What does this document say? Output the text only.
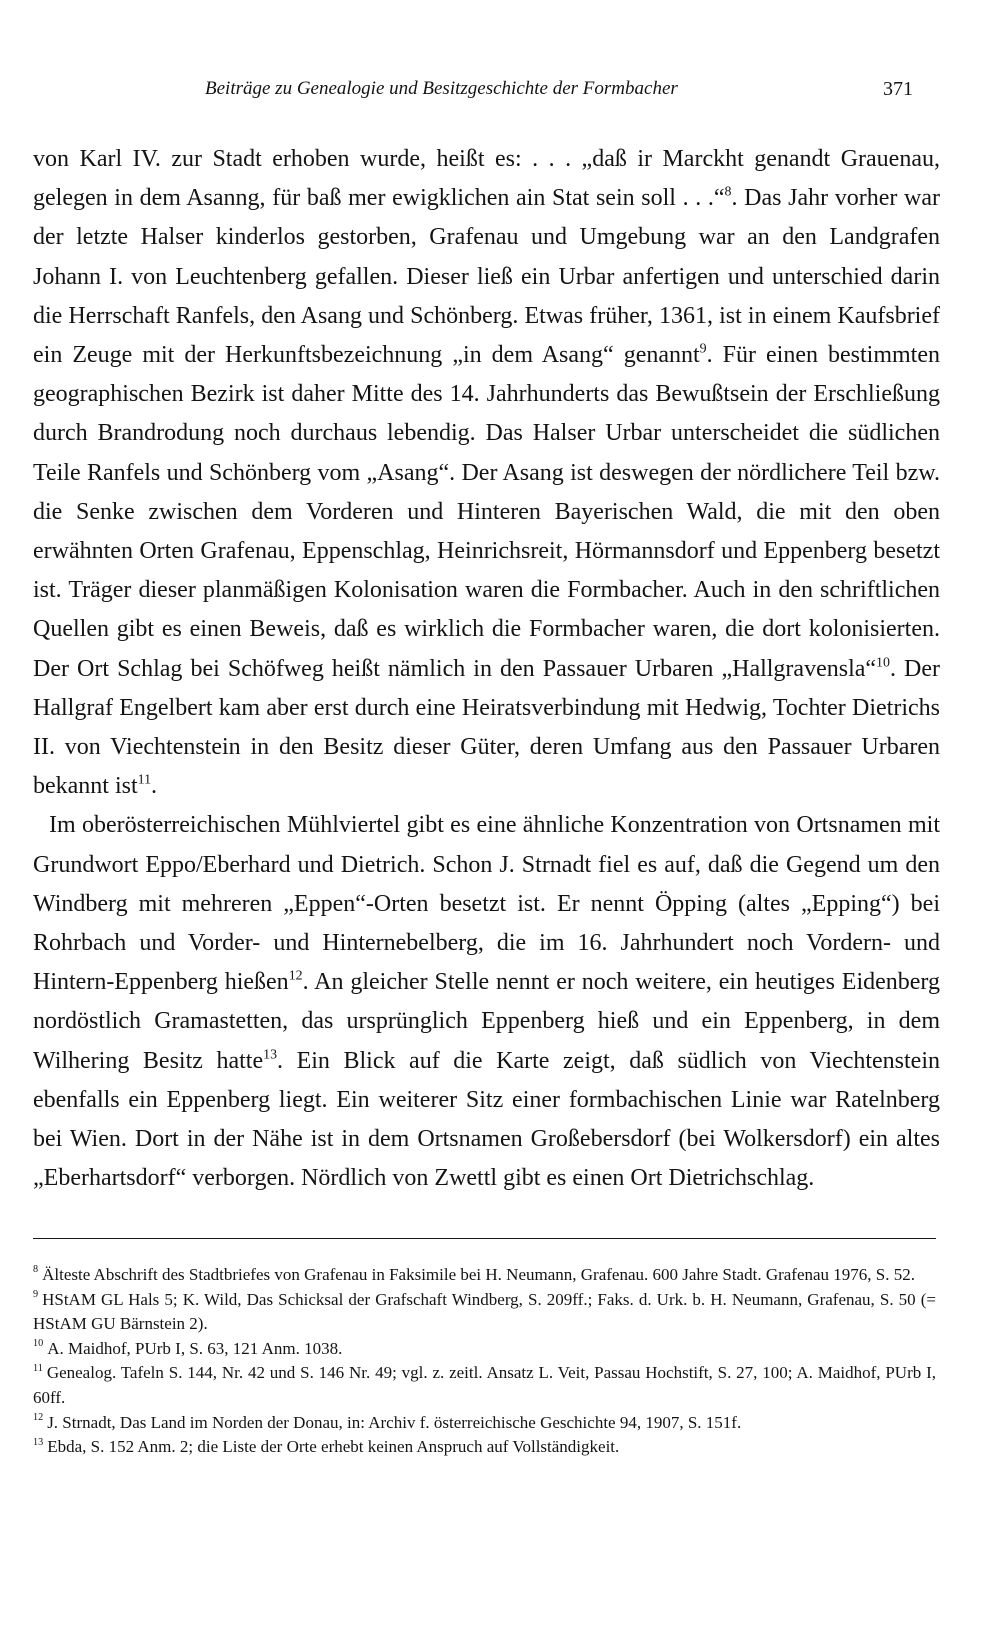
Beiträge zu Genealogie und Besitzgeschichte der Formbacher	371

von Karl IV. zur Stadt erhoben wurde, heißt es: . . . „daß ir Marckht genandt Grauenau, gelegen in dem Asanng, für baß mer ewigklichen ain Stat sein soll . . .“$^8$. Das Jahr vorher war der letzte Halser kinderlos gestorben, Grafenau und Umgebung war an den Landgrafen Johann I. von Leuchtenberg gefallen. Dieser ließ ein Urbar anfertigen und unterschied darin die Herrschaft Ranfels, den Asang und Schönberg. Etwas früher, 1361, ist in einem Kaufsbrief ein Zeuge mit der Herkunftsbezeichnung „in dem Asang“ genannt$^9$. Für einen bestimmten geographischen Bezirk ist daher Mitte des 14. Jahrhunderts das Bewußtsein der Erschließung durch Brandrodung noch durchaus lebendig. Das Halser Urbar unterscheidet die südlichen Teile Ranfels und Schönberg vom „Asang“. Der Asang ist deswegen der nördlichere Teil bzw. die Senke zwischen dem Vorderen und Hinteren Bayerischen Wald, die mit den oben erwähnten Orten Grafenau, Eppenschlag, Heinrichsreit, Hörmannsdorf und Eppenberg besetzt ist. Träger dieser planmäßigen Kolonisation waren die Formbacher. Auch in den schriftlichen Quellen gibt es einen Beweis, daß es wirklich die Formbacher waren, die dort kolonisierten. Der Ort Schlag bei Schöfweg heißt nämlich in den Passauer Urbaren „Hallgravensla“$^{10}$. Der Hallgraf Engelbert kam aber erst durch eine Heiratsverbindung mit Hedwig, Tochter Dietrichs II. von Viechtenstein in den Besitz dieser Güter, deren Umfang aus den Passauer Urbaren bekannt ist$^{11}$.

Im oberösterreichischen Mühlviertel gibt es eine ähnliche Konzentration von Ortsnamen mit Grundwort Eppo/Eberhard und Dietrich. Schon J. Strnadt fiel es auf, daß die Gegend um den Windberg mit mehreren „Eppen“-Orten besetzt ist. Er nennt Öpping (altes „Epping“) bei Rohrbach und Vorder- und Hinternebelberg, die im 16. Jahrhundert noch Vordern- und Hintern-Eppenberg hießen$^{12}$. An gleicher Stelle nennt er noch weitere, ein heutiges Eidenberg nordöstlich Gramastetten, das ursprünglich Eppenberg hieß und ein Eppenberg, in dem Wilhering Besitz hatte$^{13}$. Ein Blick auf die Karte zeigt, daß südlich von Viechtenstein ebenfalls ein Eppenberg liegt. Ein weiterer Sitz einer formbachischen Linie war Ratelnberg bei Wien. Dort in der Nähe ist in dem Ortsnamen Großebersdorf (bei Wolkersdorf) ein altes „Eberhartsdorf“ verborgen. Nördlich von Zwettl gibt es einen Ort Dietrichschlag.

$^8$ Älteste Abschrift des Stadtbriefes von Grafenau in Faksimile bei H. Neumann, Grafenau. 600 Jahre Stadt. Grafenau 1976, S. 52.

$^9$ HStAM GL Hals 5; K. Wild, Das Schicksal der Grafschaft Windberg, S. 209ff.; Faks. d. Urk. b. H. Neumann, Grafenau, S. 50 (= HStAM GU Bärnstein 2).

$^{10}$ A. Maidhof, PUrb I, S. 63, 121 Anm. 1038.

$^{11}$ Genealog. Tafeln S. 144, Nr. 42 und S. 146 Nr. 49; vgl. z. zeitl. Ansatz L. Veit, Passau Hochstift, S. 27, 100; A. Maidhof, PUrb I, 60ff.

$^{12}$ J. Strnadt, Das Land im Norden der Donau, in: Archiv f. österreichische Geschichte 94, 1907, S. 151f.

$^{13}$ Ebda, S. 152 Anm. 2; die Liste der Orte erhebt keinen Anspruch auf Vollständigkeit.
